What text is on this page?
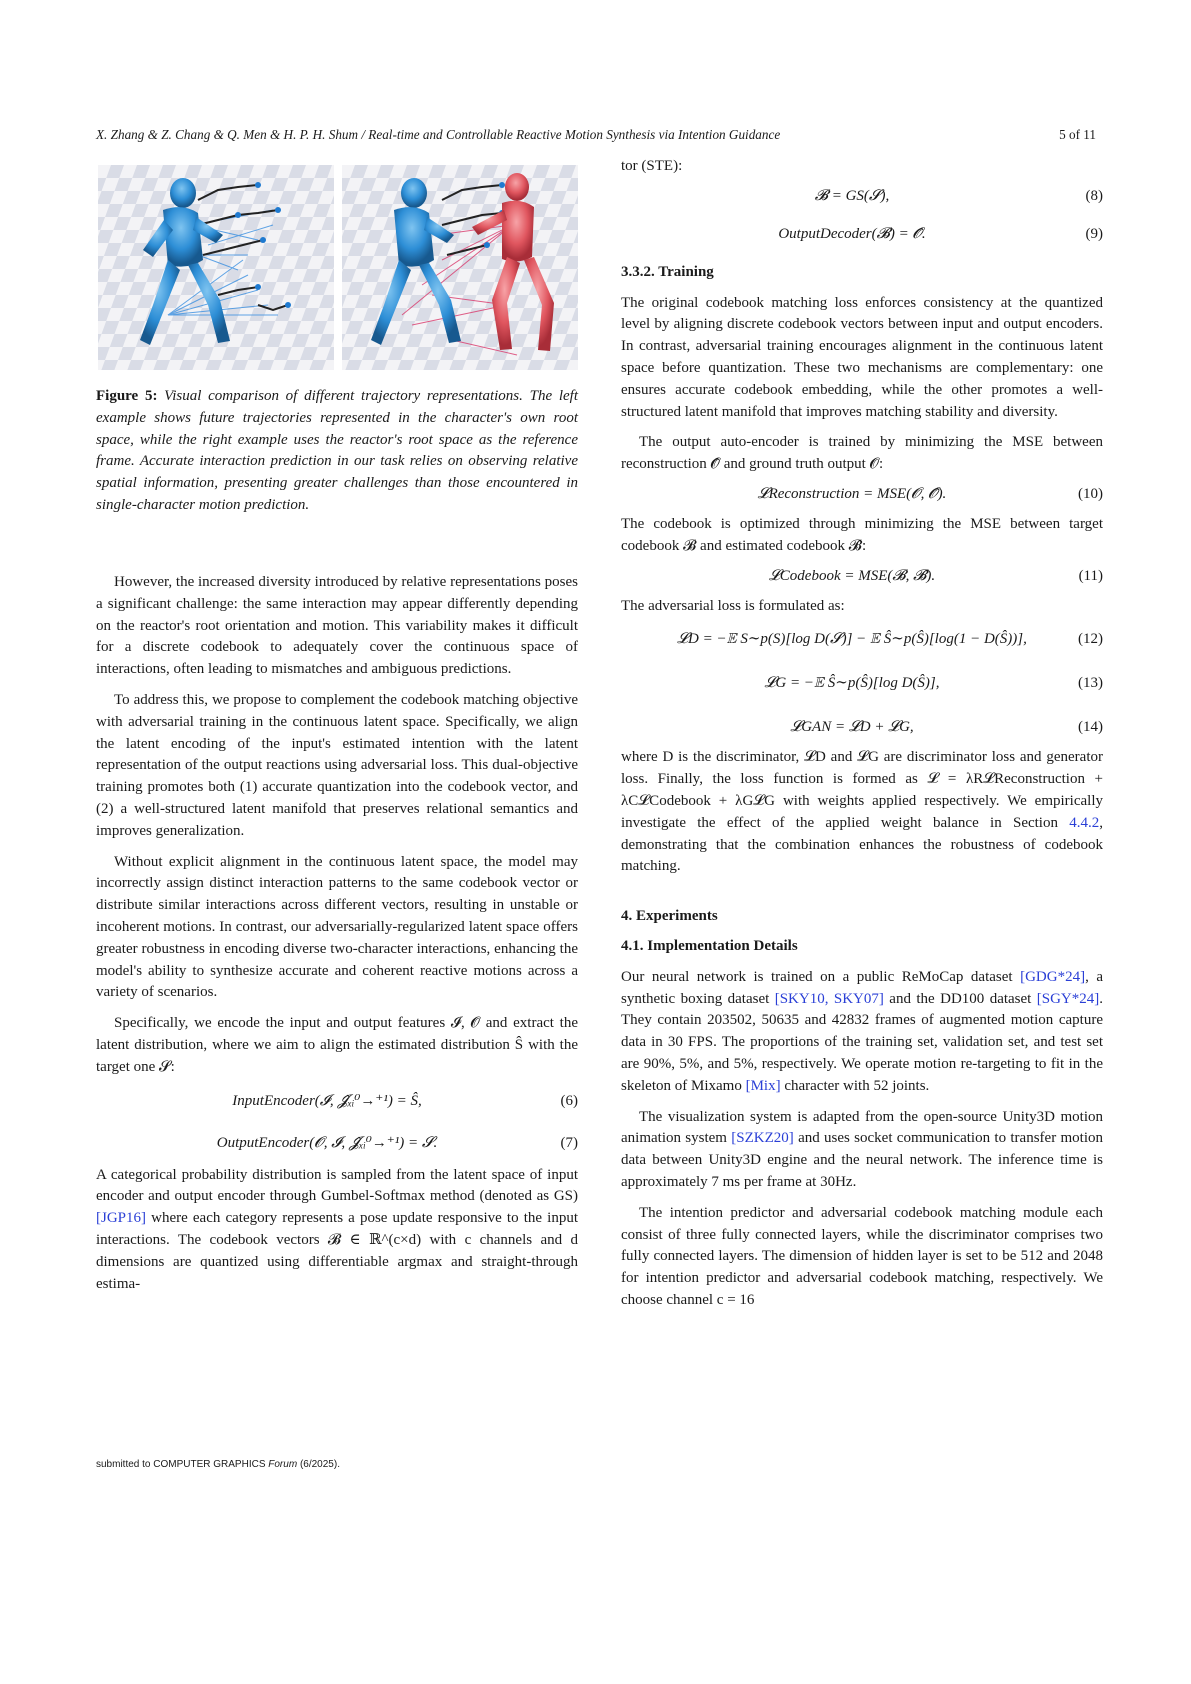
X. Zhang & Z. Chang & Q. Men & H. P. H. Shum / Real-time and Controllable Reactive Motion Synthesis via Intention Guidance	5 of 11
Figure 5: Visual comparison of different trajectory representations. The left example shows future trajectories represented in the character's own root space, while the right example uses the reactor's root space as the reference frame. Accurate interaction prediction in our task relies on observing relative spatial information, presenting greater challenges than those encountered in single-character motion prediction.

However, the increased diversity introduced by relative representations poses a significant challenge: the same interaction may appear differently depending on the reactor's root orientation and motion. This variability makes it difficult for a discrete codebook to adequately cover the continuous space of interactions, often leading to mismatches and ambiguous predictions.

To address this, we propose to complement the codebook matching objective with adversarial training in the continuous latent space. Specifically, we align the latent encoding of the input's estimated intention with the latent representation of the output reactions using adversarial loss. This dual-objective training promotes both (1) accurate quantization into the codebook vector, and (2) a well-structured latent manifold that preserves relational semantics and improves generalization.

Without explicit alignment in the continuous latent space, the model may incorrectly assign distinct interaction patterns to the same codebook vector or distribute similar interactions across different vectors, resulting in unstable or incoherent motions. In contrast, our adversarially-regularized latent space offers greater robustness in encoding diverse two-character interactions, enhancing the model's ability to synthesize accurate and coherent reactive motions across a variety of scenarios.

Specifically, we encode the input and output features 𝓘, 𝓞 and extract the latent distribution, where we aim to align the estimated distribution Ŝ with the target one 𝓢:

InputEncoder(𝓘, 𝓙̂ₓᵢ⁰→⁺¹) = Ŝ,	(6)
OutputEncoder(𝓞, 𝓘, 𝓙̂ₓᵢ⁰→⁺¹) = 𝓢.	(7)

A categorical probability distribution is sampled from the latent space of input encoder and output encoder through Gumbel-Softmax method (denoted as GS) [JGP16] where each category represents a pose update responsive to the input interactions. The codebook vectors 𝓑 ∈ ℝ^(c×d) with c channels and d dimensions are quantized using differentiable argmax and straight-through estima-

tor (STE):

𝓑 = GS(𝓢),	(8)
OutputDecoder(𝓑) = 𝓞̂.	(9)

3.3.2. Training

The original codebook matching loss enforces consistency at the quantized level by aligning discrete codebook vectors between input and output encoders. In contrast, adversarial training encourages alignment in the continuous latent space before quantization. These two mechanisms are complementary: one ensures accurate codebook embedding, while the other promotes a well-structured latent manifold that improves matching stability and diversity.

The output auto-encoder is trained by minimizing the MSE between reconstruction 𝓞̂ and ground truth output 𝓞:

𝓛Reconstruction = MSE(𝓞, 𝓞̂).	(10)

The codebook is optimized through minimizing the MSE between target codebook 𝓑 and estimated codebook 𝓑̂:

𝓛Codebook = MSE(𝓑, 𝓑̂).	(11)

The adversarial loss is formulated as:

𝓛D = −𝔼 S∼p(S)[log D(𝓢)] − 𝔼 Ŝ∼p(Ŝ)[log(1 − D(Ŝ))],	(12)
𝓛G = −𝔼 Ŝ∼p(Ŝ)[log D(Ŝ)],	(13)
𝓛GAN = 𝓛D + 𝓛G,	(14)

where D is the discriminator, 𝓛D and 𝓛G are discriminator loss and generator loss. Finally, the loss function is formed as 𝓛 = λR𝓛Reconstruction + λC𝓛Codebook + λG𝓛G with weights applied respectively. We empirically investigate the effect of the applied weight balance in Section 4.4.2, demonstrating that the combination enhances the robustness of codebook matching.

4. Experiments

4.1. Implementation Details

Our neural network is trained on a public ReMoCap dataset [GDG*24], a synthetic boxing dataset [SKY10, SKY07] and the DD100 dataset [SGY*24]. They contain 203502, 50635 and 42832 frames of augmented motion capture data in 30 FPS. The proportions of the training set, validation set, and test set are 90%, 5%, and 5%, respectively. We operate motion re-targeting to fit in the skeleton of Mixamo [Mix] character with 52 joints.

The visualization system is adapted from the open-source Unity3D motion animation system [SZKZ20] and uses socket communication to transfer motion data between Unity3D engine and the neural network. The inference time is approximately 7 ms per frame at 30Hz.

The intention predictor and adversarial codebook matching module each consist of three fully connected layers, while the discriminator comprises two fully connected layers. The dimension of hidden layer is set to be 512 and 2048 for intention predictor and adversarial codebook matching, respectively. We choose channel c = 16

submitted to COMPUTER GRAPHICS Forum (6/2025).
